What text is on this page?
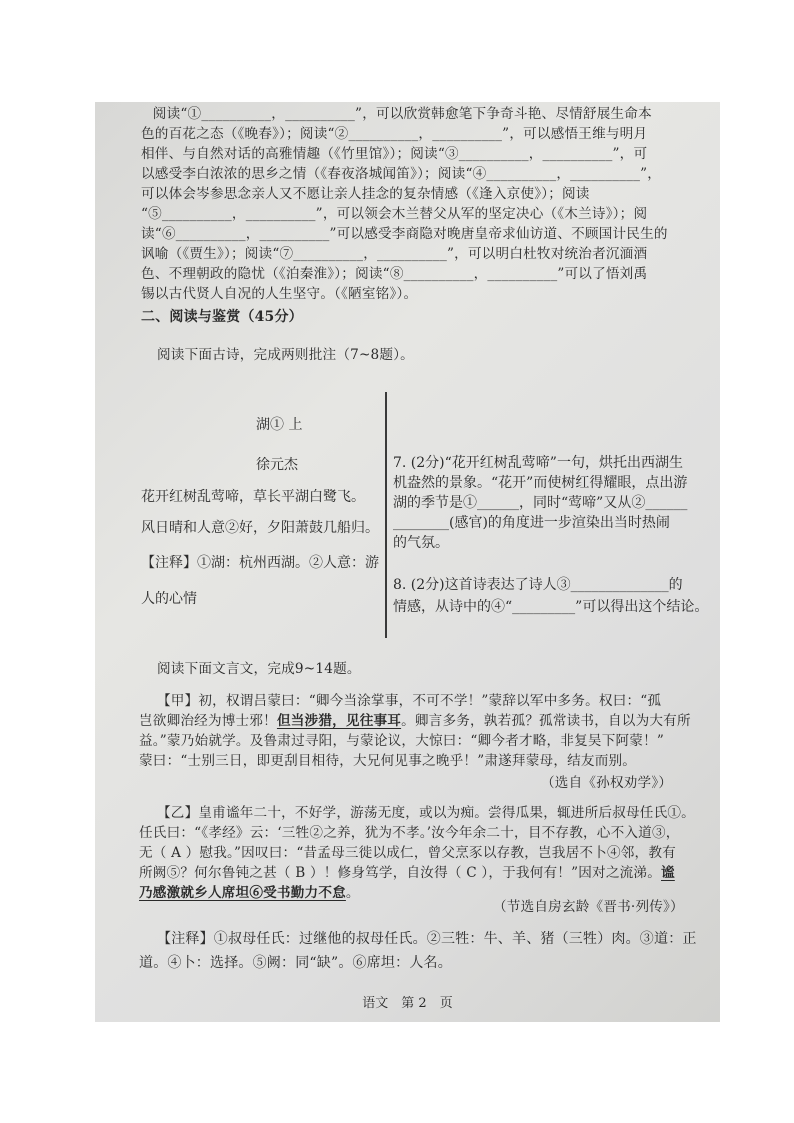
　阅读“①__________，__________”，可以欣赏韩愈笔下争奇斗艳、尽情舒展生命本
色的百花之态（《晚春》）；阅读“②__________，__________”，可以感悟王维与明月
相伴、与自然对话的高雅情趣（《竹里馆》）；阅读“③__________，__________”，可
以感受李白浓浓的思乡之情（《春夜洛城闻笛》）；阅读“④__________，__________”，
可以体会岑参思念亲人又不愿让亲人挂念的复杂情感（《逢入京使》）；阅读
“⑤__________，__________”，可以领会木兰替父从军的坚定决心（《木兰诗》）；阅
读“⑥__________，__________”可以感受李商隐对晚唐皇帝求仙访道、不顾国计民生的
讽喻（《贾生》）；阅读“⑦__________，__________”，可以明白杜牧对统治者沉湎酒
色、不理朝政的隐忧（《泊秦淮》）；阅读“⑧__________，__________”可以了悟刘禹
锡以古代贤人自况的人生坚守。（《陋室铭》）。
二、阅读与鉴赏（45分）
阅读下面古诗，完成两则批注（7~8题）。
湖① 上
徐元杰
花开红树乱莺啼，草长平湖白鹭飞。
风日晴和人意②好，夕阳萧鼓几船归。
【注释】①湖：杭州西湖。②人意：游
人的心情
7. (2分)“花开红树乱莺啼”一句，烘托出西湖生
机盎然的景象。“花开”而使树红得耀眼，点出游
湖的季节是①______，同时“莺啼”又从②______
________(感官)的角度进一步渲染出当时热闹
的气氛。
8. (2分)这首诗表达了诗人③______________的
情感，从诗中的④“_________”可以得出这个结论。
阅读下面文言文，完成9~14题。
【甲】初，权谓吕蒙曰：“卿今当涂掌事，不可不学！”蒙辞以军中多务。权曰：“孤
岂欲卿治经为博士邪！但当涉猎，见往事耳。卿言多务，孰若孤？孤常读书，自以为大有所
益。”蒙乃始就学。及鲁肃过寻阳，与蒙论议，大惊曰：“卿今者才略，非复吴下阿蒙！”
蒙曰：“士别三日，即更刮目相待，大兄何见事之晚乎！”肃遂拜蒙母，结友而别。
（选自《孙权劝学》）
【乙】皇甫谧年二十，不好学，游荡无度，或以为痴。尝得瓜果，辄进所后叔母任氏①。
任氏曰：“《孝经》云：‘三牲②之养，犹为不孝。’汝今年余二十，目不存教，心不入道③，
无（ A ）慰我。”因叹曰：“昔孟母三徙以成仁，曾父烹豕以存教，岂我居不卜④邻，教有
所阙⑤？何尔鲁钝之甚（ B ）！修身笃学，自汝得（ C ），于我何有！”因对之流涕。谧
乃感激就乡人席坦⑥受书勤力不怠。
（节选自房玄龄《晋书·列传》）
【注释】①叔母任氏：过继他的叔母任氏。②三牲：牛、羊、猪（三牲）肉。③道：正
道。④卜：选择。⑤阙：同“缺”。⑥席坦：人名。
语文　第 2　页
